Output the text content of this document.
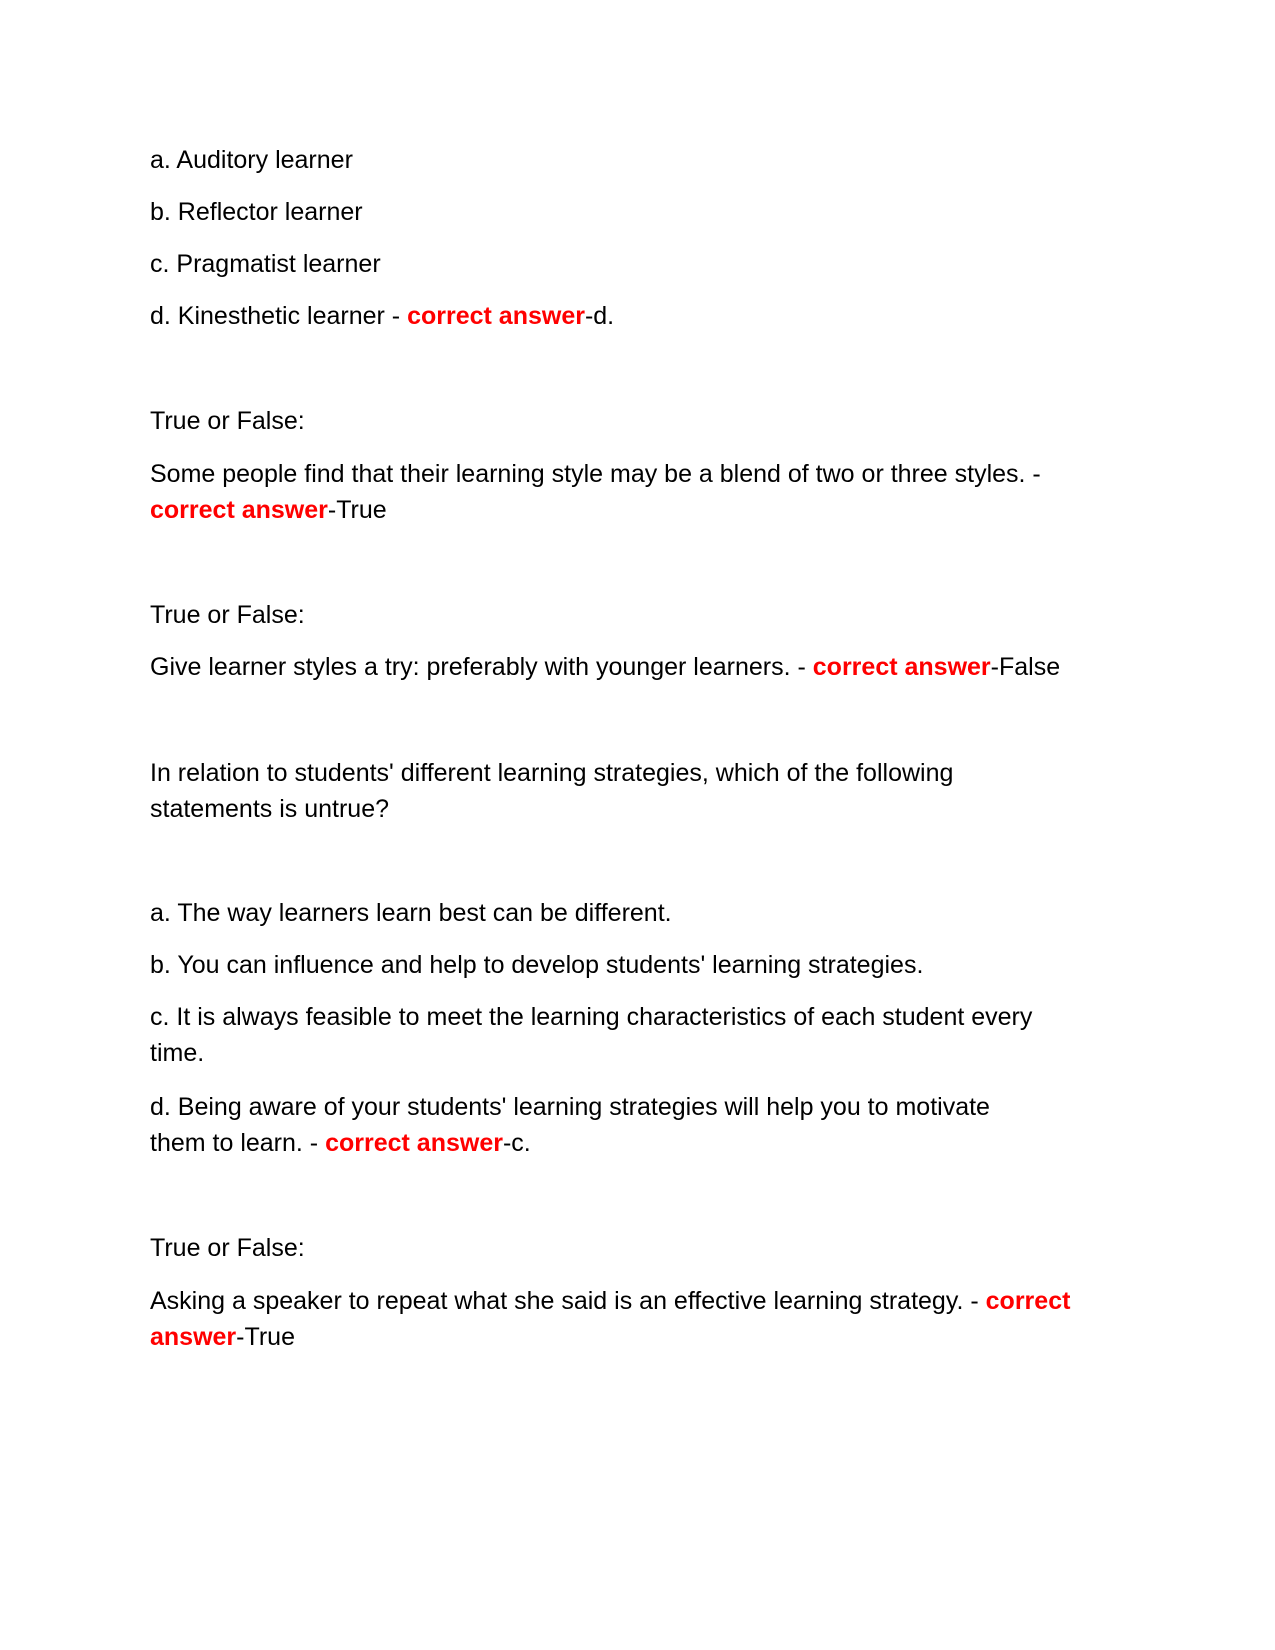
a. Auditory learner
b. Reflector learner
c. Pragmatist learner
d. Kinesthetic learner - correct answer-d.
True or False:
Some people find that their learning style may be a blend of two or three styles. -
correct answer-True
True or False:
Give learner styles a try: preferably with younger learners. - correct answer-False
In relation to students' different learning strategies, which of the following
statements is untrue?
a. The way learners learn best can be different.
b. You can influence and help to develop students' learning strategies.
c. It is always feasible to meet the learning characteristics of each student every
time.
d. Being aware of your students' learning strategies will help you to motivate
them to learn. - correct answer-c.
True or False:
Asking a speaker to repeat what she said is an effective learning strategy. - correct
answer-True
